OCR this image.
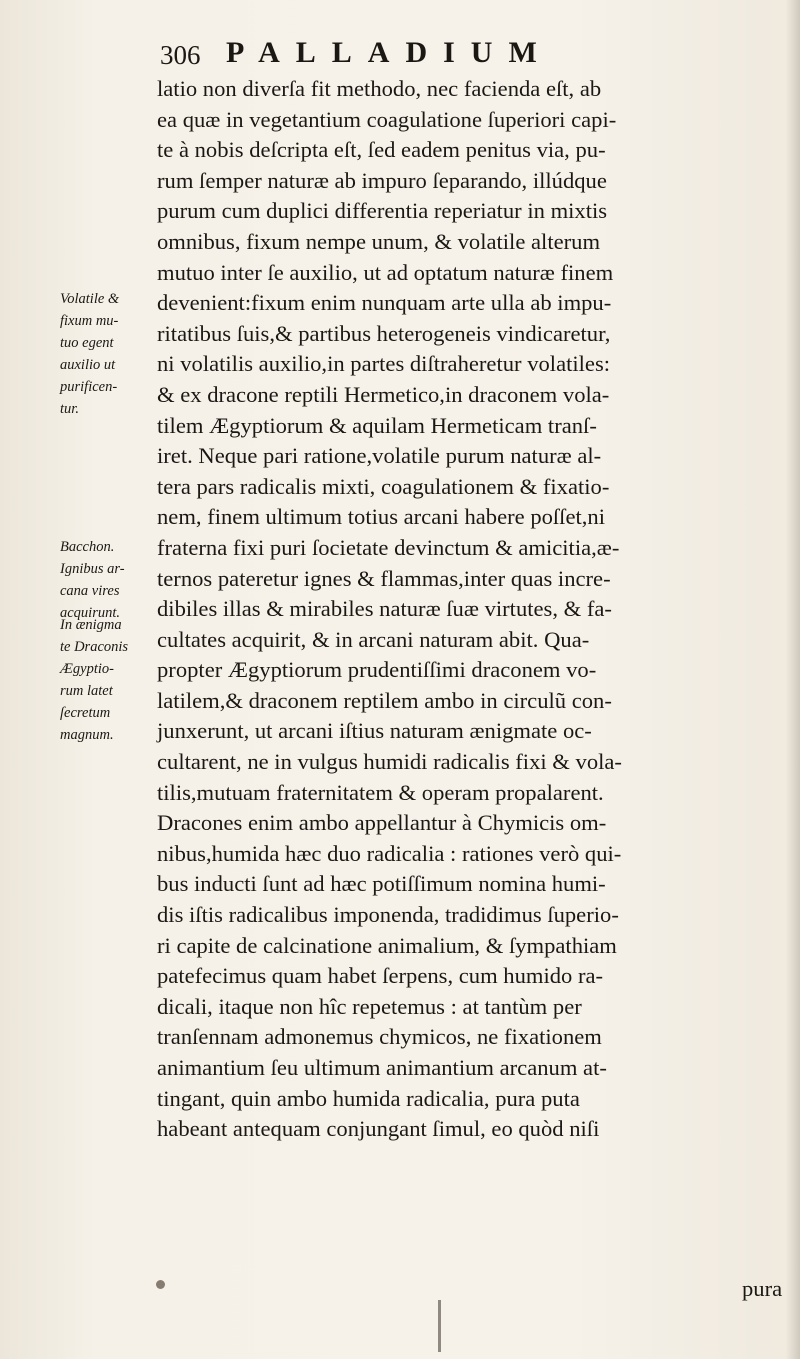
306 PALLADIUM
Volatile &
fixum mu-
tuo egent
auxilio ut
purificen-
tur.
Bacchon.
Ignibus ar-
cana vires
acquirunt.
In ænigma
te Draconis
Ægyptio-
rum latet
ſecretum
magnum.
latio non diverſa fit methodo, nec facienda eſt, ab
ea quæ in vegetantium coagulatione ſuperiori capi-
te à nobis deſcripta eſt, ſed eadem penitus via, pu-
rum ſemper naturæ ab impuro ſeparando, illúdque
purum cum duplici differentia reperiatur in mixtis
omnibus, fixum nempe unum, & volatile alterum
mutuo inter ſe auxilio, ut ad optatum naturæ finem
devenient:fixum enim nunquam arte ulla ab impu-
ritatibus ſuis,& partibus heterogeneis vindicaretur,
ni volatilis auxilio,in partes diſtraheretur volatiles:
& ex dracone reptili Hermetico,in draconem vola-
tilem Ægyptiorum & aquilam Hermeticam tranſ-
iret. Neque pari ratione,volatile purum naturæ al-
tera pars radicalis mixti, coagulationem & fixatio-
nem, finem ultimum totius arcani habere poſſet,ni
fraterna fixi puri ſocietate devinctum & amicitia,æ-
ternos pateretur ignes & flammas,inter quas incre-
dibiles illas & mirabiles naturæ ſuæ virtutes, & fa-
cultates acquirit, & in arcani naturam abit. Qua-
propter Ægyptiorum prudentiſſimi draconem vo-
latilem,& draconem reptilem ambo in circulũ con-
junxerunt, ut arcani iſtius naturam ænigmate oc-
cultarent, ne in vulgus humidi radicalis fixi & vola-
tilis,mutuam fraternitatem & operam propalarent.
Dracones enim ambo appellantur à Chymicis om-
nibus,humida hæc duo radicalia : rationes verò qui-
bus inducti ſunt ad hæc potiſſimum nomina humi-
dis iſtis radicalibus imponenda, tradidimus ſuperio-
ri capite de calcinatione animalium, & ſympathiam
patefecimus quam habet ſerpens, cum humido ra-
dicali, itaque non hîc repetemus : at tantùm per
tranſennam admonemus chymicos, ne fixationem
animantium ſeu ultimum animantium arcanum at-
tingant, quin ambo humida radicalia, pura puta
habeant antequam conjungant ſimul, eo quòd niſi
pura
